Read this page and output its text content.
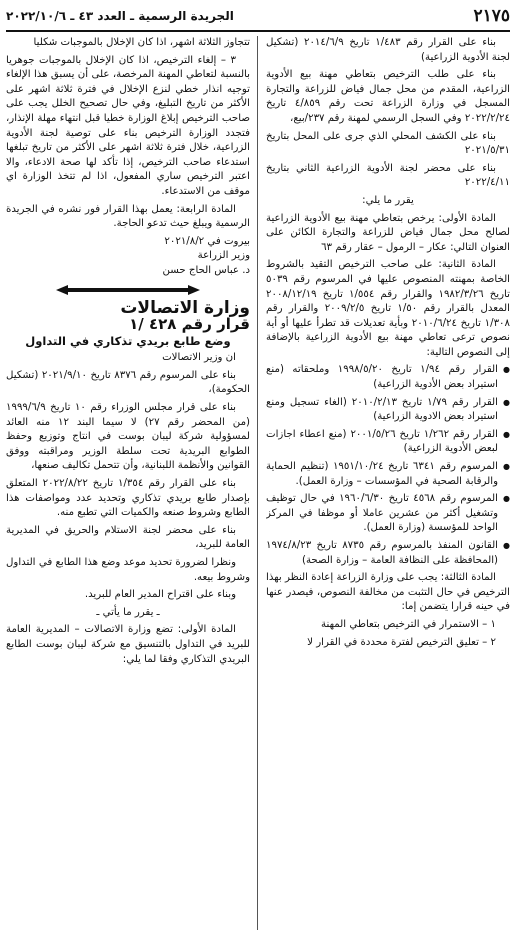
٢١٧٥
الجريدة الرسمية ـ العدد ٤٣ ـ ٢٠٢٢/١٠/٦

بناء على القرار رقم ١/٤٨٣ تاريخ ٢٠١٤/٦/٩ (تشكيل لجنة الأدوية الزراعية)

بناء على طلب الترخيص بتعاطي مهنة بيع الأدوية الزراعية، المقدم من محل جمال فياض للزراعة والتجارة المسجل في وزارة الزراعة تحت رقم ٤/٨٥٩ تاريخ ٢٠٢٢/٢/٢٤ وفي السجل الرسمي لمهنة رقم ٢٣٧/بيع،

بناء على الكشف المحلي الذي جرى على المحل بتاريخ ٢٠٢١/٥/٣١

بناء على محضر لجنة الأدوية الزراعية الثاني بتاريخ ٢٠٢٢/٤/١١

يقرر ما يلي:

المادة الأولى: يرخص بتعاطي مهنة بيع الأدوية الزراعية لصالح محل جمال فياض للزراعة والتجارة الكائن على العنوان التالي: عكار – الرمول – عقار رقم ٦٣

المادة الثانية: على صاحب الترخيص التقيد بالشروط الخاصة بمهنته المنصوص عليها في المرسوم رقم ٥٠٣٩ تاريخ ١٩٨٢/٣/٢٦ والقرار رقم ١/٥٥٤ تاريخ ٢٠٠٨/١٢/١٩ المعدل بالقرار رقم ١/٥٠ تاريخ ٢٠٠٩/٢/٥ والقرار رقم ١/٣٠٨ تاريخ ٢٠١٠/٦/٢٤ وبأية تعديلات قد تطرأ عليها أو أية نصوص ترعى تعاطي مهنة بيع الأدوية الزراعية بالإضافة إلى النصوص التالية:

● القرار رقم ١/٩٤ تاريخ ١٩٩٨/٥/٢٠ وملحقاته (منع استيراد بعض الأدوية الزراعية)

● القرار رقم ١/٧٩ تاريخ ٢٠١٠/٢/١٣ (الغاء تسجيل ومنع استيراد بعض الادوية الزراعية)

● القرار رقم ١/٢٦٢ تاريخ ٢٠٠١/٥/٢٦ (منع اعطاء اجازات لبعض الأدوية الزراعية)

● المرسوم رقم ٦٣٤١ تاريخ ١٩٥١/١٠/٢٤ (تنظيم الحماية والرقابة الصحية في المؤسسات – وزارة العمل).

● المرسوم رقم ٤٥٦٨ تاريخ ١٩٦٠/٦/٣٠ في حال توظيف وتشغيل أكثر من عشرين عاملا أو موظفا في المركز الواحد للمؤسسة (وزارة العمل).

● القانون المنفذ بالمرسوم رقم ٨٧٣٥ تاريخ ١٩٧٤/٨/٢٣ (المحافظة على النظافة العامة – وزارة الصحة)

المادة الثالثة: يجب على وزارة الزراعة إعادة النظر بهذا الترخيص في حال التثبت من مخالفة النصوص، فيصدر عنها في حينه قرارا يتضمن إما:

١ – الاستمرار في الترخيص بتعاطي المهنة

٢ – تعليق الترخيص لفترة محددة في القرار لا

تتجاوز الثلاثة اشهر، اذا كان الإخلال بالموجبات شكليا

٣ – إلغاء الترخيص، اذا كان الإخلال بالموجبات جوهريا بالنسبة لتعاطي المهنة المرخصة، على أن يسبق هذا الإلغاء توجيه انذار خطي لنزع الإخلال في فترة ثلاثة اشهر على الأكثر من تاريخ التبليغ، وفي حال تصحيح الخلل يجب على صاحب الترخيص إبلاغ الوزارة خطيا قبل انتهاء مهلة الإنذار، فتجدد الوزارة الترخيص بناء على توصية لجنة الأدوية الزراعية، خلال فترة ثلاثة اشهر على الأكثر من تاريخ تبلغها استدعاء صاحب الترخيص، إذا تأكد لها صحة الادعاء، والا اعتبر الترخيص ساري المفعول، اذا لم تتخذ الوزارة اي موقف من الاستدعاء.

المادة الرابعة: يعمل بهذا القرار فور نشره في الجريدة الرسمية ويبلغ حيث تدعو الحاجة.

بيروت في ٢٠٢١/٨/٢

وزير الزراعة

د. عباس الحاج حسن

وزارة الاتصالات

قرار رقم ٤٢٨ /١

وضع طابع بريدي تذكاري في التداول

ان وزير الاتصالات

بناء على المرسوم رقم ٨٣٧٦ تاريخ ٢٠٢١/٩/١٠ (تشكيل الحكومة)،

بناء على قرار مجلس الوزراء رقم ١٠ تاريخ ١٩٩٩/٦/٩ (من المحضر رقم ٢٧) لا سيما البند ١٢ منه العائد لمسؤولية شركة ليبان بوست في انتاج وتوزيع وحفظ الطوابع البريدية تحت سلطة الوزير ومراقبته ووفق القوانين والأنظمة اللبنانية، وأن تتحمل تكاليف صنعها،

بناء على القرار رقم ١/٣٥٤ تاريخ ٢٠٢٢/٨/٢٢ المتعلق بإصدار طابع بريدي تذكاري وتحديد عدد ومواصفات هذا الطابع وشروط صنعه والكميات التي تطبع منه.

بناء على محضر لجنة الاستلام والحريق في المديرية العامة للبريد،

ونظرا لضرورة تحديد موعد وضع هذا الطابع في التداول وشروط بيعه.

وبناء على اقتراح المدير العام للبريد.

ـ يقرر ما يأتي ـ

المادة الأولى: تضع وزارة الاتصالات – المديرية العامة للبريد في التداول بالتنسيق مع شركة ليبان بوست الطابع البريدي التذكاري وفقا لما يلي:
